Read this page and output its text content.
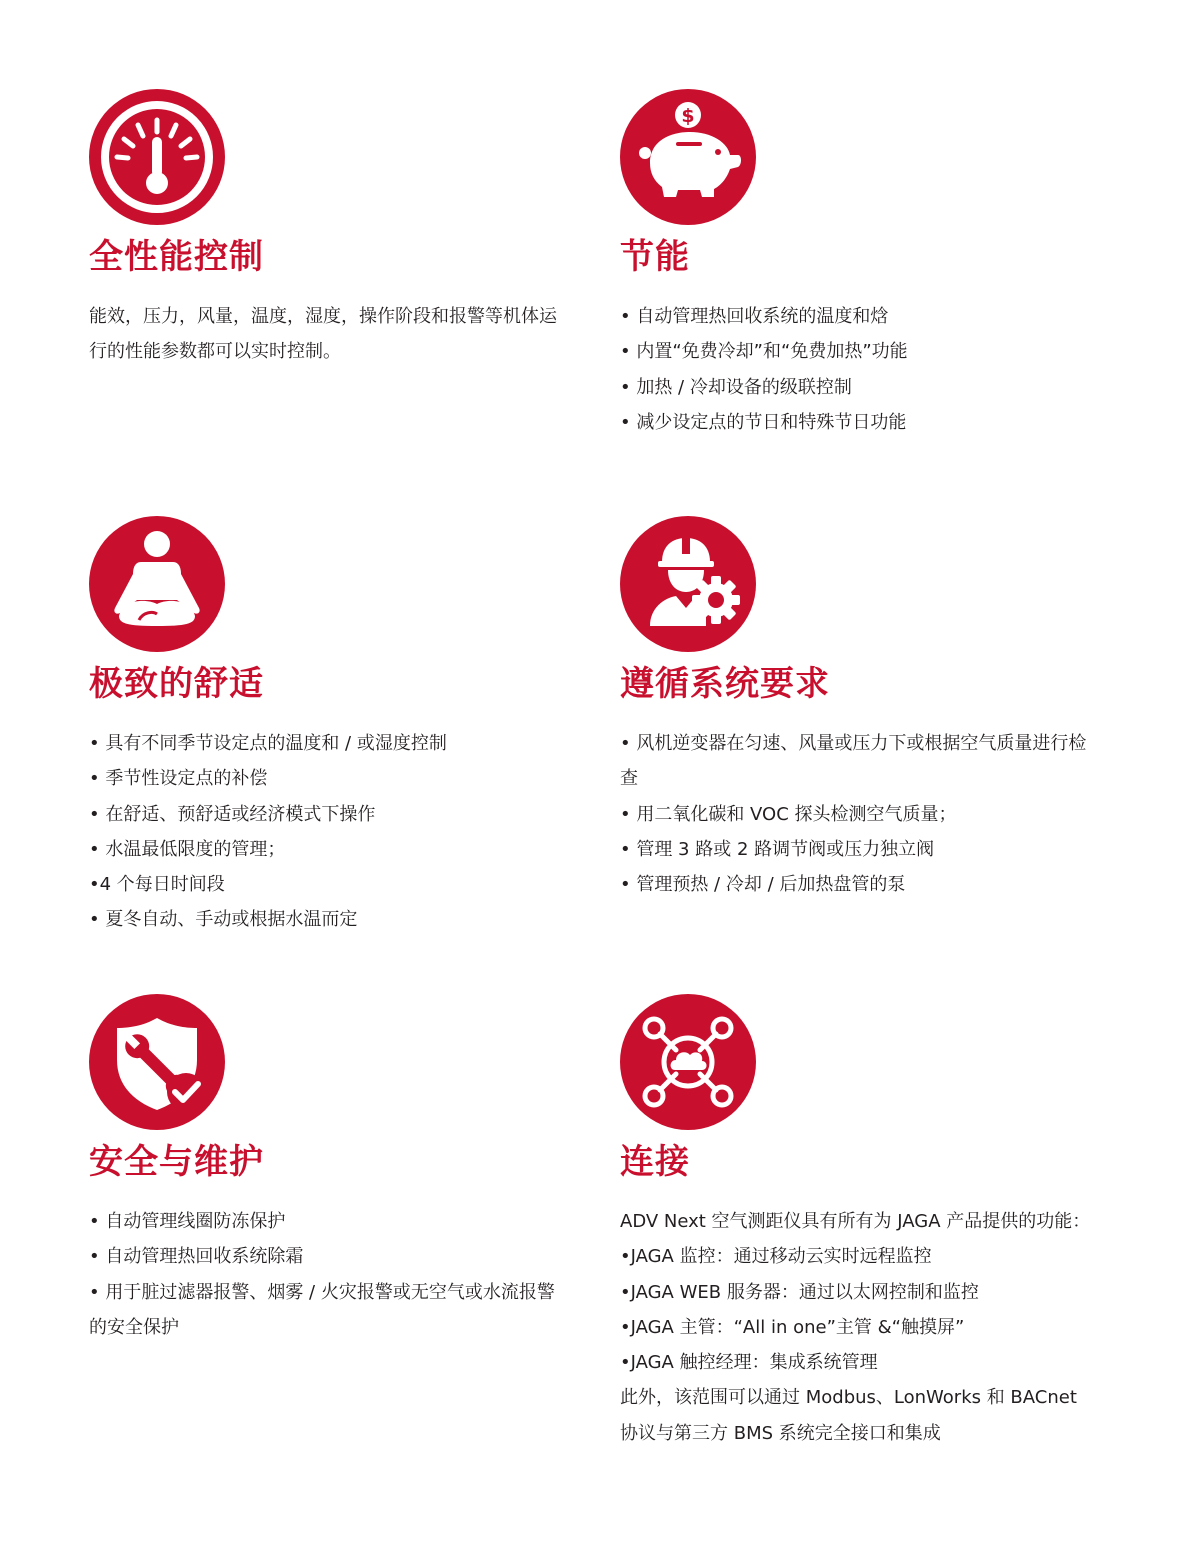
全性能控制

能效，压力，风量，温度，湿度，操作阶段和报警等机体运行的性能参数都可以实时控制。

$
节能
• 自动管理热回收系统的温度和焓
• 内置“免费冷却”和“免费加热”功能
• 加热 / 冷却设备的级联控制
• 减少设定点的节日和特殊节日功能
极致的舒适
• 具有不同季节设定点的温度和 / 或湿度控制
• 季节性设定点的补偿
• 在舒适、预舒适或经济模式下操作
• 水温最低限度的管理；
•4 个每日时间段
• 夏冬自动、手动或根据水温而定
遵循系统要求
• 风机逆变器在匀速、风量或压力下或根据空气质量进行检查
• 用二氧化碳和 VOC 探头检测空气质量；
• 管理 3 路或 2 路调节阀或压力独立阀
• 管理预热 / 冷却 / 后加热盘管的泵
安全与维护
• 自动管理线圈防冻保护
• 自动管理热回收系统除霜
• 用于脏过滤器报警、烟雾 / 火灾报警或无空气或水流报警的安全保护
连接

ADV Next 空气测距仪具有所有为 JAGA 产品提供的功能：

•JAGA 监控：通过移动云实时远程监控
•JAGA WEB 服务器：通过以太网控制和监控
•JAGA 主管：“All in one”主管 &“触摸屏”
•JAGA 触控经理：集成系统管理

此外，该范围可以通过 Modbus、LonWorks 和 BACnet 协议与第三方 BMS 系统完全接口和集成
